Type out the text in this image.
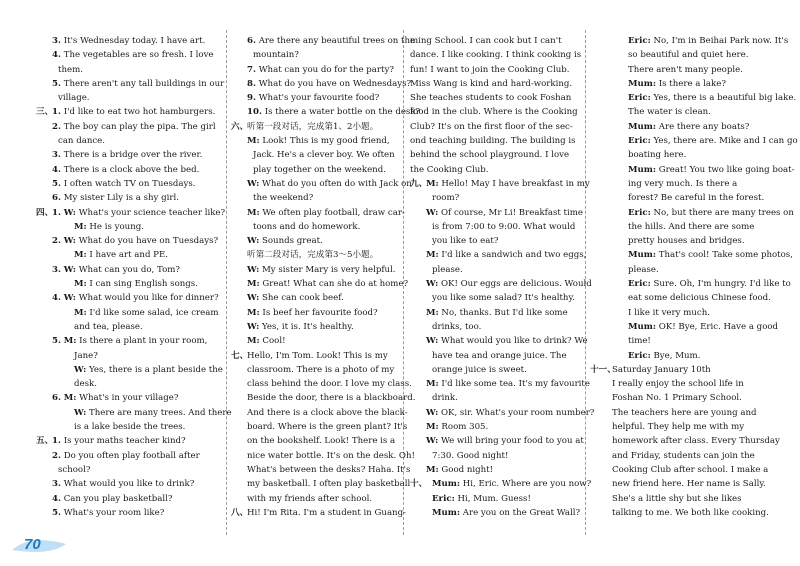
3. It's Wednesday today. I have art.
4. The vegetables are so fresh. I love
them.
5. There aren't any tall buildings in our
village.
三、
1. I'd like to eat two hot hamburgers.
2. The boy can play the pipa. The girl
can dance.
3. There is a bridge over the river.
4. There is a clock above the bed.
5. I often watch TV on Tuesdays.
6. My sister Lily is a shy girl.
四、
1. W: What's your science teacher like?
M: He is young.
2. W: What do you have on Tuesdays?
M: I have art and PE.
3. W: What can you do, Tom?
M: I can sing English songs.
4. W: What would you like for dinner?
M: I'd like some salad, ice cream
and tea, please.
5. M: Is there a plant in your room,
Jane?
W: Yes, there is a plant beside the
desk.
6. M: What's in your village?
W: There are many trees. And there
is a lake beside the trees.
五、
1. Is your maths teacher kind?
2. Do you often play football after
school?
3. What would you like to drink?
4. Can you play basketball?
5. What's your room like?
6. Are there any beautiful trees on the
mountain?
7. What can you do for the party?
8. What do you have on Wednesdays?
9. What's your favourite food?
10. Is there a water bottle on the desk?
六、
听第一段对话，完成第1、2小题。
M: Look! This is my good friend,
Jack. He's a clever boy. We often
play together on the weekend.
W: What do you often do with Jack on
the weekend?
M: We often play football, draw car-
toons and do homework.
W: Sounds great.
听第二段对话，完成第3～5小题。
W: My sister Mary is very helpful.
M: Great! What can she do at home?
W: She can cook beef.
M: Is beef her favourite food?
W: Yes, it is. It's healthy.
M: Cool!
七、
Hello, I'm Tom. Look! This is my
classroom. There is a photo of my
class behind the door. I love my class.
Beside the door, there is a blackboard.
And there is a clock above the black-
board. Where is the green plant? It's
on the bookshelf. Look! There is a
nice water bottle. It's on the desk. Oh!
What's between the desks? Haha. It's
my basketball. I often play basketball
with my friends after school.
八、
Hi! I'm Rita. I'm a student in Guang-
ming School. I can cook but I can't
dance. I like cooking. I think cooking is
fun! I want to join the Cooking Club.
Miss Wang is kind and hard-working.
She teaches students to cook Foshan
food in the club. Where is the Cooking
Club? It's on the first floor of the sec-
ond teaching building. The building is
behind the school playground. I love
the Cooking Club.
九、
M: Hello! May I have breakfast in my
room?
W: Of course, Mr Li! Breakfast time
is from 7:00 to 9:00. What would
you like to eat?
M: I'd like a sandwich and two eggs,
please.
W: OK! Our eggs are delicious. Would
you like some salad? It's healthy.
M: No, thanks. But I'd like some
drinks, too.
W: What would you like to drink? We
have tea and orange juice. The
orange juice is sweet.
M: I'd like some tea. It's my favourite
drink.
W: OK, sir. What's your room number?
M: Room 305.
W: We will bring your food to you at
7:30. Good night!
M: Good night!
十、 Mum: Hi, Eric. Where are you now?
Eric: Hi, Mum. Guess!
Mum: Are you on the Great Wall?
Eric: No, I'm in Beihai Park now. It's
so beautiful and quiet here.
There aren't many people.
Mum: Is there a lake?
Eric: Yes, there is a beautiful big lake.
The water is clean.
Mum: Are there any boats?
Eric: Yes, there are. Mike and I can go
boating here.
Mum: Great! You two like going boat-
ing very much. Is there a
forest? Be careful in the forest.
Eric: No, but there are many trees on
the hills. And there are some
pretty houses and bridges.
Mum: That's cool! Take some photos,
please.
Eric: Sure. Oh, I'm hungry. I'd like to
eat some delicious Chinese food.
I like it very much.
Mum: OK! Bye, Eric. Have a good
time!
Eric: Bye, Mum.
十一、
Saturday January 10th
I really enjoy the school life in
Foshan No. 1 Primary School.
The teachers here are young and
helpful. They help me with my
homework after class. Every Thursday
and Friday, students can join the
Cooking Club after school. I make a
new friend here. Her name is Sally.
She's a little shy but she likes
talking to me. We both like cooking.
70
